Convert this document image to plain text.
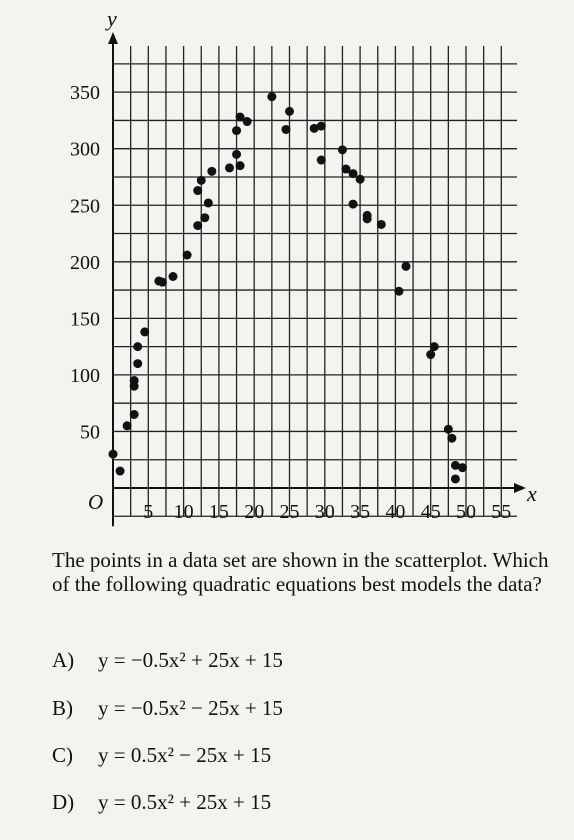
5 10 15 20 25 30 35 40 45 50 55
50
100
150
200
250
300
350
y
x
O
The points in a data set are shown in the scatterplot. Which of the following quadratic equations best models the data?
A) y = −0.5x² + 25x + 15
B) y = −0.5x² − 25x + 15
C) y = 0.5x² − 25x + 15
D) y = 0.5x² + 25x + 15
